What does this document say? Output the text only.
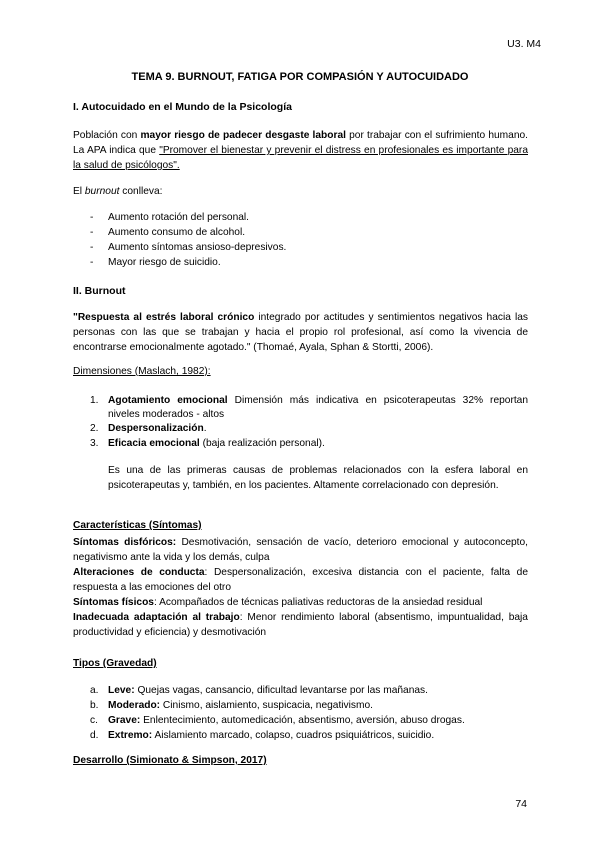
U3. M4
TEMA 9. BURNOUT, FATIGA POR COMPASIÓN Y AUTOCUIDADO
I. Autocuidado en el Mundo de la Psicología
Población con mayor riesgo de padecer desgaste laboral por trabajar con el sufrimiento humano. La APA indica que "Promover el bienestar y prevenir el distress en profesionales es importante para la salud de psicólogos".
El burnout conlleva:
- Aumento rotación del personal.
- Aumento consumo de alcohol.
- Aumento síntomas ansioso-depresivos.
- Mayor riesgo de suicidio.
II. Burnout
"Respuesta al estrés laboral crónico integrado por actitudes y sentimientos negativos hacia las personas con las que se trabajan y hacia el propio rol profesional, así como la vivencia de encontrarse emocionalmente agotado." (Thomaé, Ayala, Sphan & Stortti, 2006).
Dimensiones (Maslach, 1982):
1. Agotamiento emocional Dimensión más indicativa en psicoterapeutas 32% reportan niveles moderados - altos
2. Despersonalización.
3. Eficacia emocional (baja realización personal).
Es una de las primeras causas de problemas relacionados con la esfera laboral en psicoterapeutas y, también, en los pacientes. Altamente correlacionado con depresión.
Características (Síntomas)
Síntomas disfóricos: Desmotivación, sensación de vacío, deterioro emocional y autoconcepto, negativismo ante la vida y los demás, culpa
Alteraciones de conducta: Despersonalización, excesiva distancia con el paciente, falta de respuesta a las emociones del otro
Síntomas físicos: Acompañados de técnicas paliativas reductoras de la ansiedad residual
Inadecuada adaptación al trabajo: Menor rendimiento laboral (absentismo, impuntualidad, baja productividad y eficiencia) y desmotivación
Tipos (Gravedad)
a. Leve: Quejas vagas, cansancio, dificultad levantarse por las mañanas.
b. Moderado: Cinismo, aislamiento, suspicacia, negativismo.
c. Grave: Enlentecimiento, automedicación, absentismo, aversión, abuso drogas.
d. Extremo: Aislamiento marcado, colapso, cuadros psiquiátricos, suicidio.
Desarrollo (Simionato & Simpson, 2017)
74
